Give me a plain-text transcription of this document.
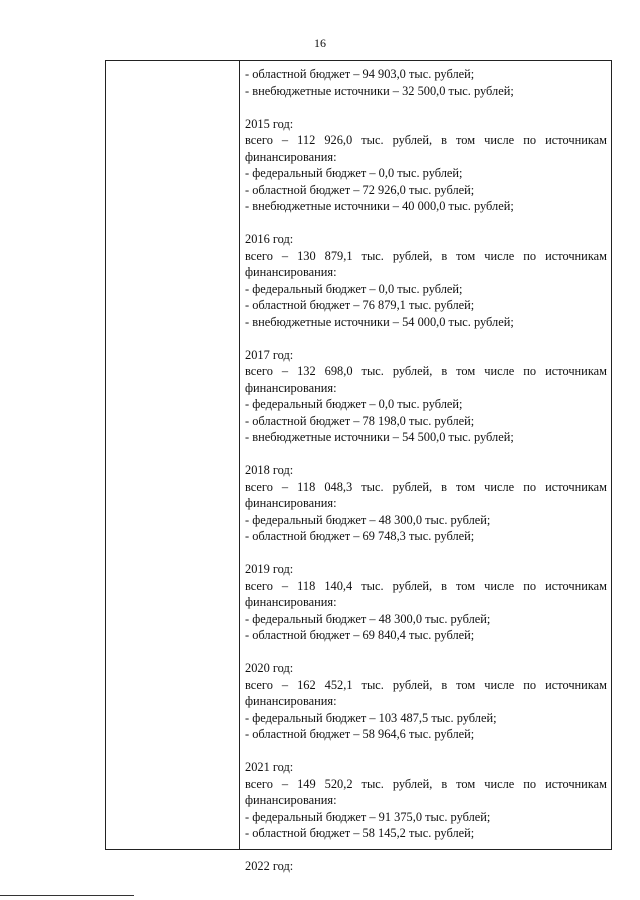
16
- областной бюджет – 94 903,0 тыс. рублей;
- внебюджетные источники – 32 500,0 тыс. рублей;
2015 год:
всего – 112 926,0 тыс. рублей, в том числе по источникам
финансирования:
- федеральный бюджет – 0,0 тыс. рублей;
- областной бюджет – 72 926,0 тыс. рублей;
- внебюджетные источники – 40 000,0 тыс. рублей;
2016 год:
всего – 130 879,1 тыс. рублей, в том числе по источникам
финансирования:
- федеральный бюджет – 0,0 тыс. рублей;
- областной бюджет – 76 879,1 тыс. рублей;
- внебюджетные источники – 54 000,0 тыс. рублей;
2017 год:
всего – 132 698,0 тыс. рублей, в том числе по источникам
финансирования:
- федеральный бюджет – 0,0 тыс. рублей;
- областной бюджет – 78 198,0 тыс. рублей;
- внебюджетные источники – 54 500,0 тыс. рублей;
2018 год:
всего – 118 048,3 тыс. рублей, в том числе по источникам
финансирования:
- федеральный бюджет – 48 300,0 тыс. рублей;
- областной бюджет – 69 748,3 тыс. рублей;
2019 год:
всего – 118 140,4 тыс. рублей, в том числе по источникам
финансирования:
- федеральный бюджет – 48 300,0 тыс. рублей;
- областной бюджет – 69 840,4 тыс. рублей;
2020 год:
всего – 162 452,1 тыс. рублей, в том числе по источникам
финансирования:
- федеральный бюджет – 103 487,5 тыс. рублей;
- областной бюджет – 58 964,6 тыс. рублей;
2021 год:
всего – 149 520,2 тыс. рублей, в том числе по источникам
финансирования:
- федеральный бюджет – 91 375,0 тыс. рублей;
- областной бюджет – 58 145,2 тыс. рублей;
2022 год:
